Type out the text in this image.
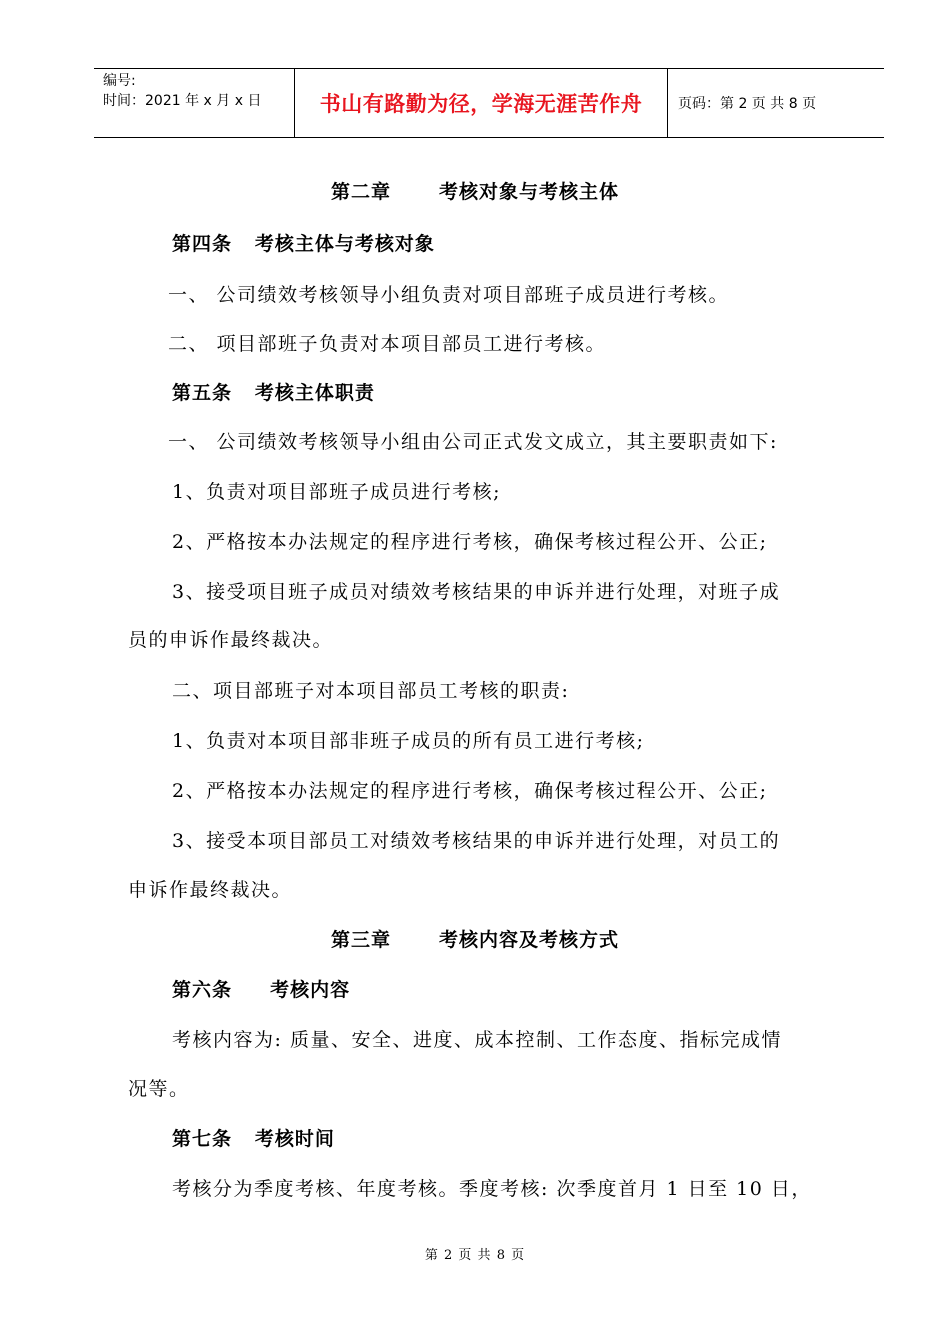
编号:
时间：2021 年 x 月 x 日	书山有路勤为径，学海无涯苦作舟	页码：第 2 页 共 8 页
第二章	考核对象与考核主体
第四条 考核主体与考核对象
一、 公司绩效考核领导小组负责对项目部班子成员进行考核。
二、 项目部班子负责对本项目部员工进行考核。
第五条 考核主体职责
一、 公司绩效考核领导小组由公司正式发文成立，其主要职责如下:
1、负责对项目部班子成员进行考核;
2、严格按本办法规定的程序进行考核，确保考核过程公开、公正;
3、接受项目班子成员对绩效考核结果的申诉并进行处理，对班子成
员的申诉作最终裁决。
二、项目部班子对本项目部员工考核的职责:
1、负责对本项目部非班子成员的所有员工进行考核;
2、严格按本办法规定的程序进行考核，确保考核过程公开、公正;
3、接受本项目部员工对绩效考核结果的申诉并进行处理，对员工的
申诉作最终裁决。
第三章	考核内容及考核方式
第六条 考核内容
考核内容为: 质量、安全、进度、成本控制、工作态度、指标完成情
况等。
第七条 考核时间
考核分为季度考核、年度考核。季度考核: 次季度首月 1 日至 10 日，
第 2 页 共 8 页
